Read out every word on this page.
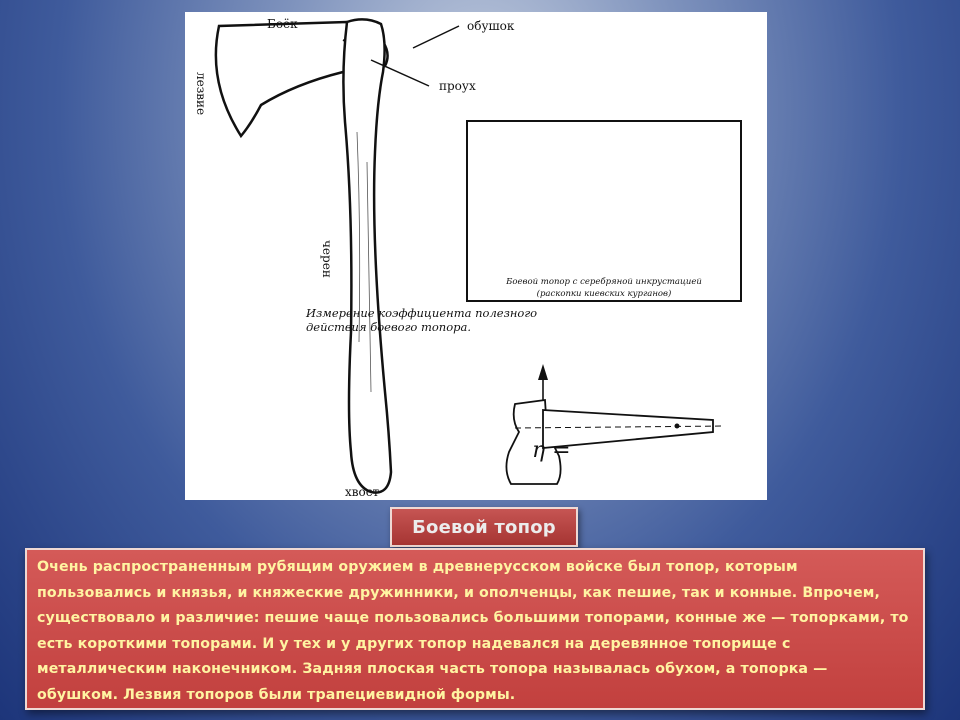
Боёк	обушок
проух
лезвие
черен
хвост
Боевой топор с серебряной инкрустацией
(раскопки киевских курганов)
Измерение коэффициента полезного действия боевого топора.
η =
Боевой топор

Очень распространенным рубящим оружием в древнерусском войске был топор, которым пользовались и князья, и княжеские дружинники, и ополченцы, как пешие, так и конные. Впрочем, существовало и различие: пешие чаще пользовались большими топорами, конные же — топорками, то есть короткими топорами. И у тех и у других топор надевался на деревянное топорище с металлическим наконечником. Задняя плоская часть топора называлась обухом, а топорка — обушком. Лезвия топоров были трапециевидной формы.
